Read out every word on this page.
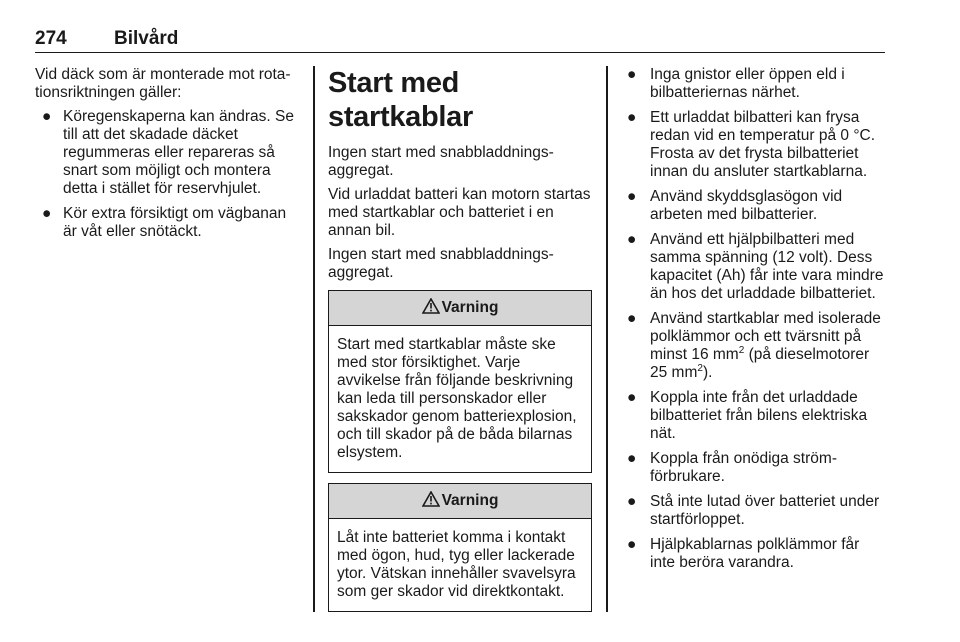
274 Bilvård

Vid däck som är monterade mot rotationsriktningen gäller:

● Köregenskaperna kan ändras. Se till att det skadade däcket regummeras eller repareras så snart som möjligt och montera detta i stället för reservhjulet.
● Kör extra försiktigt om vägbanan är våt eller snötäckt.
Start med startkablar

Ingen start med snabbladdningsaggregat.

Vid urladdat batteri kan motorn startas med startkablar och batteriet i en annan bil.

Ingen start med snabbladdningsaggregat.

Varning
Start med startkablar måste ske med stor försiktighet. Varje avvikelse från följande beskrivning kan leda till personskador eller sakskador genom batteriexplosion, och till skador på de båda bilarnas elsystem.
Varning
Låt inte batteriet komma i kontakt med ögon, hud, tyg eller lackerade ytor. Vätskan innehåller svavelsyra som ger skador vid direktkontakt.
● Inga gnistor eller öppen eld i bilbatteriernas närhet.
● Ett urladdat bilbatteri kan frysa redan vid en temperatur på 0 °C. Frosta av det frysta bilbatteriet innan du ansluter startkablarna.
● Använd skyddsglasögon vid arbeten med bilbatterier.
● Använd ett hjälpbilbatteri med samma spänning (12 volt). Dess kapacitet (Ah) får inte vara mindre än hos det urladdade bilbatteriet.
● Använd startkablar med isolerade polklämmor och ett tvärsnitt på minst 16 $mm^2$ (på dieselmotorer 25 $mm^2$).
● Koppla inte från det urladdade bilbatteriet från bilens elektriska nät.
● Koppla från onödiga strömförbrukare.
● Stå inte lutad över batteriet under startförloppet.
● Hjälpkablarnas polklämmor får inte beröra varandra.
